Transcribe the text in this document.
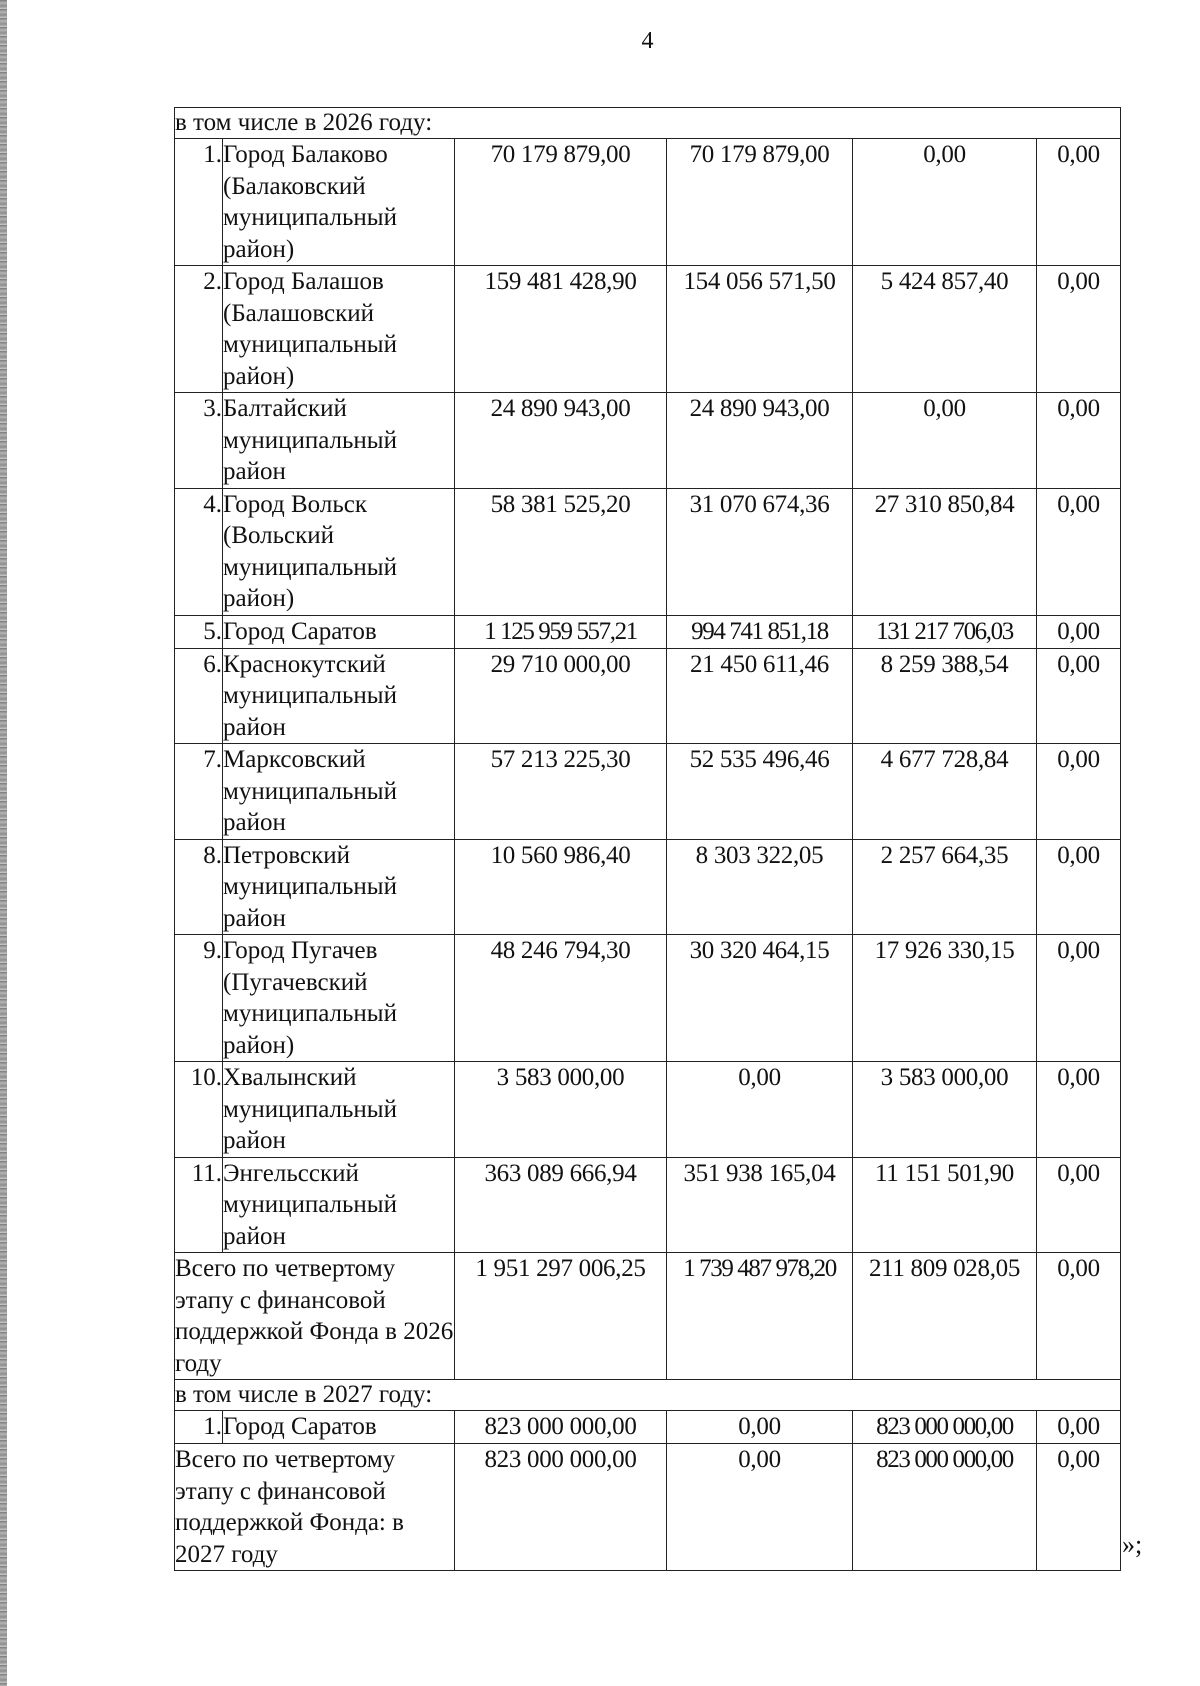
4
в том числе в 2026 году:					
1.	Город Балаково (Балаковский муниципальный район)	70 179 879,00	70 179 879,00	0,00	0,00
2.	Город Балашов (Балашовский муниципальный район)	159 481 428,90	154 056 571,50	5 424 857,40	0,00
3.	Балтайский муниципальный район	24 890 943,00	24 890 943,00	0,00	0,00
4.	Город Вольск (Вольский муниципальный район)	58 381 525,20	31 070 674,36	27 310 850,84	0,00
5.	Город Саратов	1 125 959 557,21	994 741 851,18	131 217 706,03	0,00
6.	Краснокутский муниципальный район	29 710 000,00	21 450 611,46	8 259 388,54	0,00
7.	Марксовский муниципальный район	57 213 225,30	52 535 496,46	4 677 728,84	0,00
8.	Петровский муниципальный район	10 560 986,40	8 303 322,05	2 257 664,35	0,00
9.	Город Пугачев (Пугачевский муниципальный район)	48 246 794,30	30 320 464,15	17 926 330,15	0,00
10.	Хвалынский муниципальный район	3 583 000,00	0,00	3 583 000,00	0,00
11.	Энгельсский муниципальный район	363 089 666,94	351 938 165,04	11 151 501,90	0,00
Всего по четвертому этапу с финансовой поддержкой Фонда в 2026 году		1 951 297 006,25	1 739 487 978,20	211 809 028,05	0,00
в том числе в 2027 году:					
1.	Город Саратов	823 000 000,00	0,00	823 000 000,00	0,00
Всего по четвертому этапу с финансовой поддержкой Фонда: в 2027 году		823 000 000,00	0,00	823 000 000,00	0,00
»;
